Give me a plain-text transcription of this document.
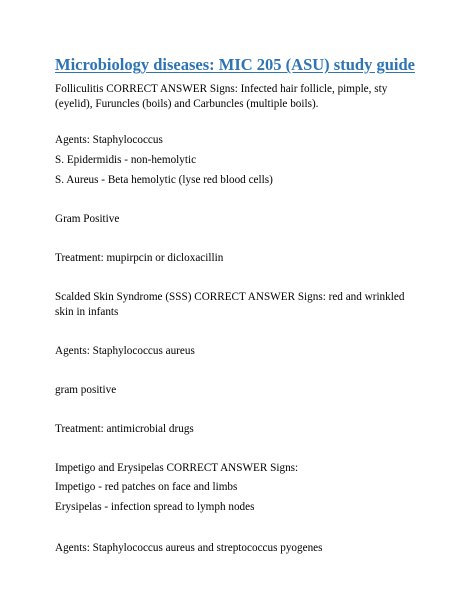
Microbiology diseases: MIC 205 (ASU) study guide

Folliculitis CORRECT ANSWER Signs: Infected hair follicle, pimple, sty (eyelid), Furuncles (boils) and Carbuncles (multiple boils).

Agents: Staphylococcus

S. Epidermidis - non-hemolytic

S. Aureus - Beta hemolytic (lyse red blood cells)

Gram Positive

Treatment: mupirpcin or dicloxacillin

Scalded Skin Syndrome (SSS) CORRECT ANSWER Signs: red and wrinkled skin in infants

Agents: Staphylococcus aureus

gram positive

Treatment: antimicrobial drugs

Impetigo and Erysipelas CORRECT ANSWER Signs:

Impetigo - red patches on face and limbs

Erysipelas - infection spread to lymph nodes

Agents: Staphylococcus aureus and streptococcus pyogenes
